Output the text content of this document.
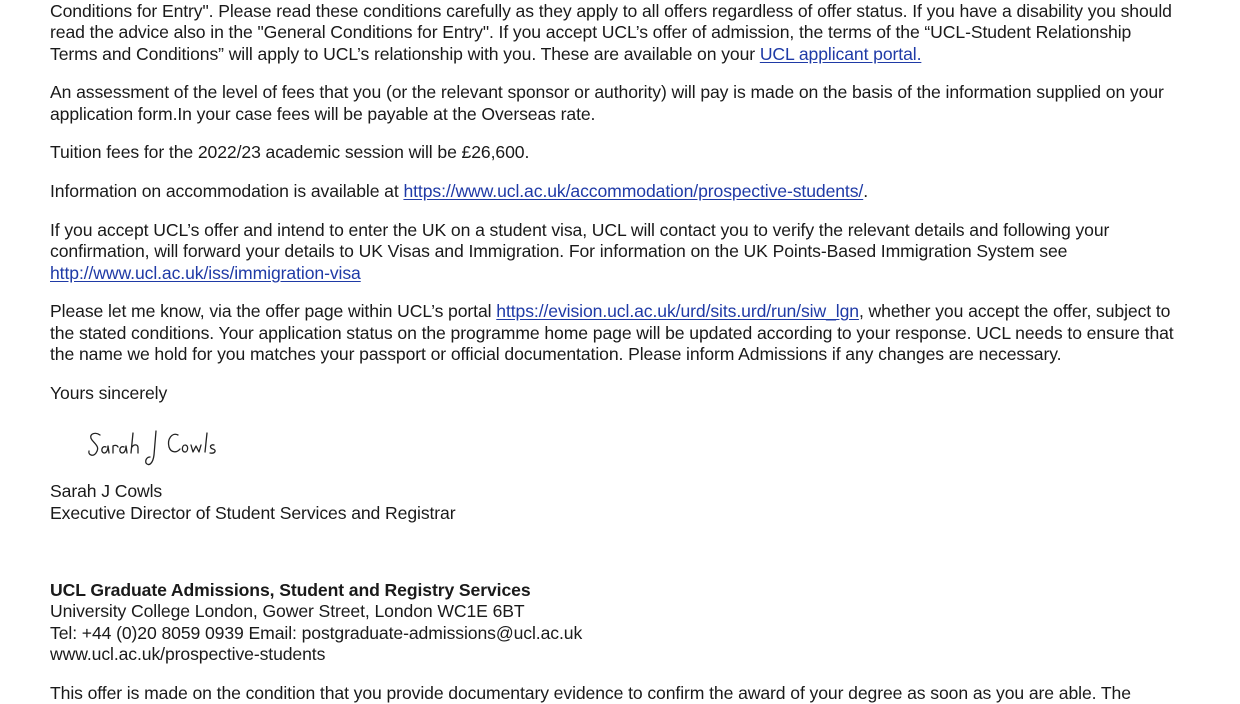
Conditions for Entry". Please read these conditions carefully as they apply to all offers regardless of offer status. If you have a disability you should
read the advice also in the "General Conditions for Entry". If you accept UCL’s offer of admission, the terms of the “UCL-Student Relationship
Terms and Conditions” will apply to UCL’s relationship with you. These are available on your UCL applicant portal.
An assessment of the level of fees that you (or the relevant sponsor or authority) will pay is made on the basis of the information supplied on your
application form.In your case fees will be payable at the Overseas rate.
Tuition fees for the 2022/23 academic session will be £26,600.
Information on accommodation is available at https://www.ucl.ac.uk/accommodation/prospective-students/.
If you accept UCL’s offer and intend to enter the UK on a student visa, UCL will contact you to verify the relevant details and following your
confirmation, will forward your details to UK Visas and Immigration. For information on the UK Points-Based Immigration System see
http://www.ucl.ac.uk/iss/immigration-visa
Please let me know, via the offer page within UCL’s portal https://evision.ucl.ac.uk/urd/sits.urd/run/siw_lgn, whether you accept the offer, subject to
the stated conditions. Your application status on the programme home page will be updated according to your response. UCL needs to ensure that
the name we hold for you matches your passport or official documentation. Please inform Admissions if any changes are necessary.
Yours sincerely
Sarah J Cowls
Executive Director of Student Services and Registrar
UCL Graduate Admissions, Student and Registry Services
University College London, Gower Street, London WC1E 6BT
Tel: +44 (0)20 8059 0939 Email: postgraduate-admissions@ucl.ac.uk
www.ucl.ac.uk/prospective-students
This offer is made on the condition that you provide documentary evidence to confirm the award of your degree as soon as you are able. The
